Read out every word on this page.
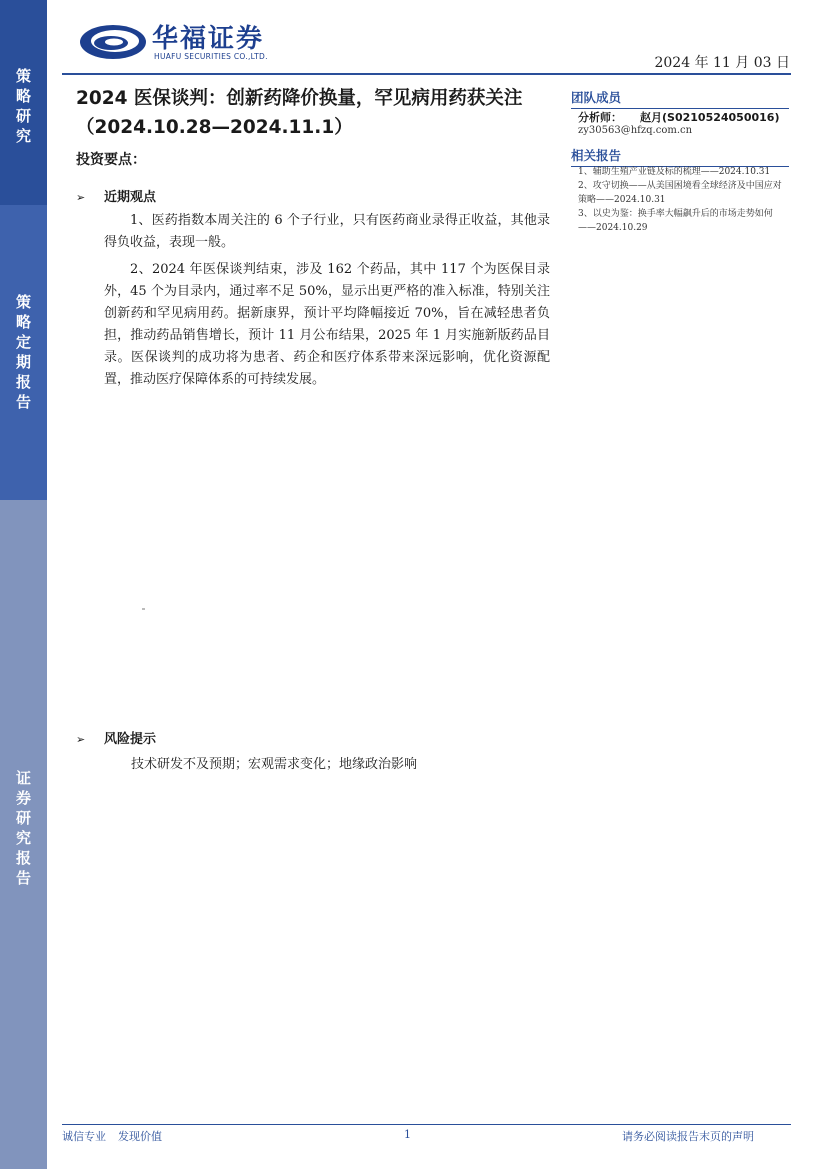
策
略
研
究
策
略
定
期
报
告
证
券
研
究
报
告
华福证券
HUAFU SECURITIES CO.,LTD.	2024 年 11 月 03 日
2024 医保谈判：创新药降价换量，罕见病用药获关注（2024.10.28—2024.11.1）
投资要点：
➢ 近期观点
1、医药指数本周关注的 6 个子行业，只有医药商业录得正收益，其他录得负收益，表现一般。
2、2024 年医保谈判结束，涉及 162 个药品，其中 117 个为医保目录外，45 个为目录内，通过率不足 50%，显示出更严格的准入标准，特别关注创新药和罕见病用药。据新康界，预计平均降幅接近 70%，旨在减轻患者负担，推动药品销售增长，预计 11 月公布结果，2025 年 1 月实施新版药品目录。医保谈判的成功将为患者、药企和医疗体系带来深远影响，优化资源配置，推动医疗保障体系的可持续发展。
➢ 风险提示
技术研发不及预期；宏观需求变化；地缘政治影响
团队成员
分析师： 赵月(S0210524050016)
zy30563@hfzq.com.cn
相关报告
1、辅助生殖产业链及标的梳理——2024.10.31
2、攻守切换——从美国困境看全球经济及中国应对策略——2024.10.31
3、以史为鉴：换手率大幅飙升后的市场走势如何——2024.10.29
诚信专业 发现价值	1	请务必阅读报告末页的声明
